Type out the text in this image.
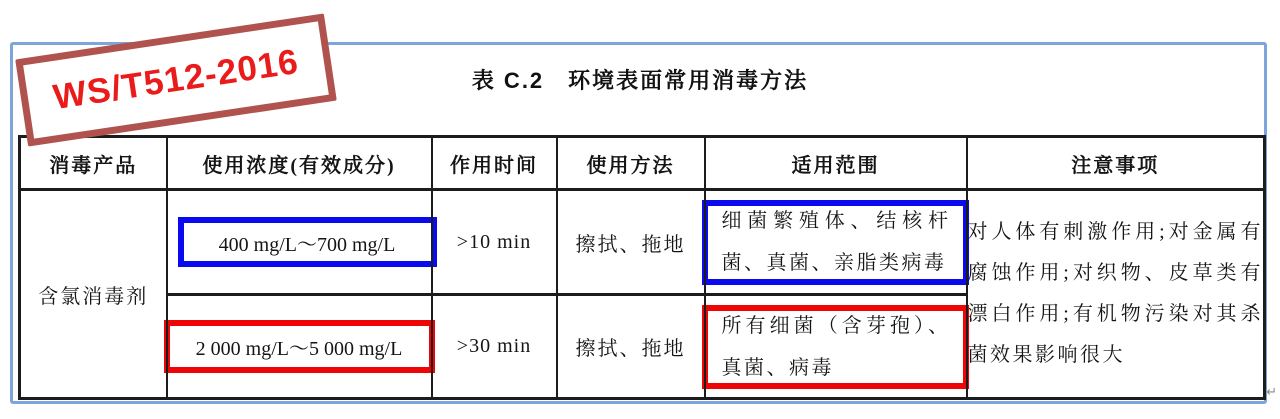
表 C.2　环境表面常用消毒方法
消毒产品	使用浓度(有效成分)	作用时间	使用方法	适用范围	注意事项
含氯消毒剂	400 mg/L～700 mg/L	>10 min	擦拭、拖地	细菌繁殖体、结核杆菌、真菌、亲脂类病毒	对人体有刺激作用;对金属有腐蚀作用;对织物、皮草类有漂白作用;有机物污染对其杀菌效果影响很大

	2 000 mg/L～5 000 mg/L	>30 min	擦拭、拖地	所有细菌（含芽孢）、真菌、病毒	
WS/T512-2016
↵
